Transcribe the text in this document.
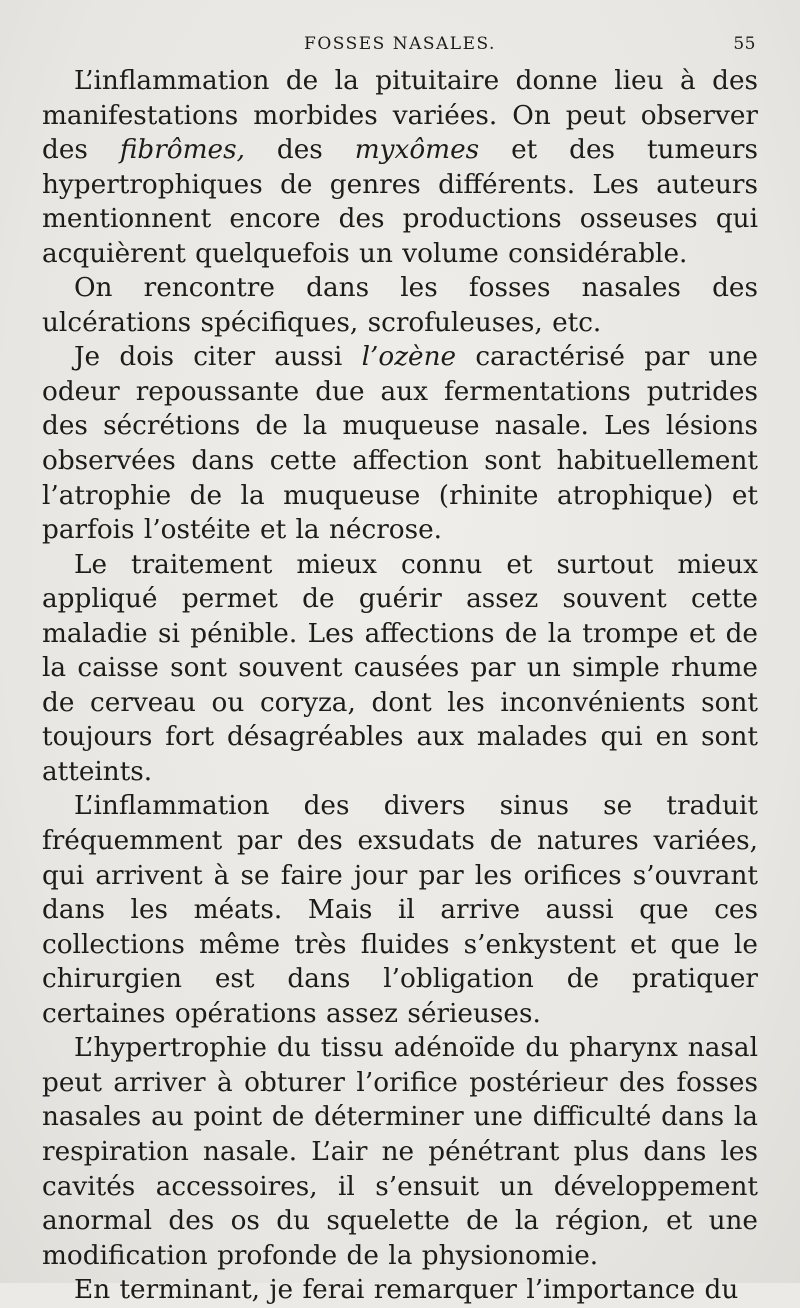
FOSSES NASALES.	55

L’inflammation de la pituitaire donne lieu à des manifestations morbides variées. On peut observer des fibrômes, des myxômes et des tumeurs hypertrophiques de genres différents. Les auteurs mentionnent encore des productions osseuses qui acquièrent quelquefois un volume considérable.

On rencontre dans les fosses nasales des ulcérations spécifiques, scrofuleuses, etc.

Je dois citer aussi l’ozène caractérisé par une odeur repoussante due aux fermentations putrides des sécrétions de la muqueuse nasale. Les lésions observées dans cette affection sont habituellement l’atrophie de la muqueuse (rhinite atrophique) et parfois l’ostéite et la nécrose.

Le traitement mieux connu et surtout mieux appliqué permet de guérir assez souvent cette maladie si pénible. Les affections de la trompe et de la caisse sont souvent causées par un simple rhume de cerveau ou coryza, dont les inconvénients sont toujours fort désagréables aux malades qui en sont atteints.

L’inflammation des divers sinus se traduit fréquemment par des exsudats de natures variées, qui arrivent à se faire jour par les orifices s’ouvrant dans les méats. Mais il arrive aussi que ces collections même très fluides s’enkystent et que le chirurgien est dans l’obligation de pratiquer certaines opérations assez sérieuses.

L’hypertrophie du tissu adénoïde du pharynx nasal peut arriver à obturer l’orifice postérieur des fosses nasales au point de déterminer une difficulté dans la respiration nasale. L’air ne pénétrant plus dans les cavités accessoires, il s’ensuit un développement anormal des os du squelette de la région, et une modification profonde de la physionomie.

En terminant, je ferai remarquer l’importance du
